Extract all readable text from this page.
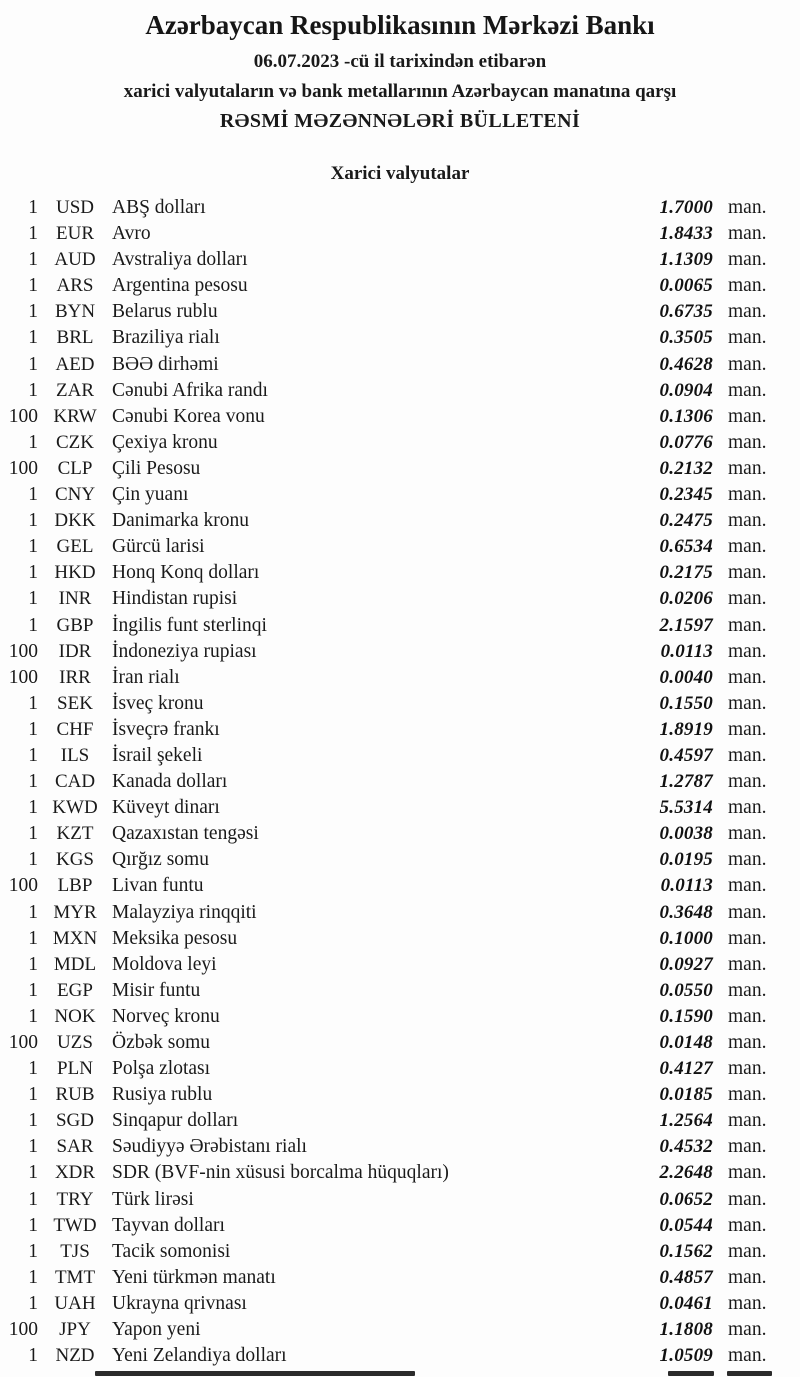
Azərbaycan Respublikasının Mərkəzi Bankı
06.07.2023 -cü il tarixindən etibarən
xarici valyutaların və bank metallarının Azərbaycan manatına qarşı
RƏSMİ MƏZƏNNƏLƏRİ BÜLLETENİ
Xarici valyutalar
1 USD ABŞ dolları	1.7000 man.
1 EUR Avro	1.8433 man.
1 AUD Avstraliya dolları	1.1309 man.
1 ARS Argentina pesosu	0.0065 man.
1 BYN Belarus rublu	0.6735 man.
1 BRL Braziliya rialı	0.3505 man.
1 AED BƏƏ dirhəmi	0.4628 man.
1 ZAR Cənubi Afrika randı	0.0904 man.
100 KRW Cənubi Korea vonu	0.1306 man.
1 CZK Çexiya kronu	0.0776 man.
100	CLP	Çili Pesosu	0.2132 man.
1 CNY Çin yuanı	0.2345 man.
1 DKK Danimarka kronu	0.2475 man.
1 GEL Gürcü larisi	0.6534 man.
1 HKD Honq Konq dolları	0.2175 man.
1	INR	Hindistan rupisi	0.0206 man.
1 GBP İngilis funt sterlinqi	2.1597 man.
100	IDR	İndoneziya rupiası	0.0113 man.
100	IRR	İran rialı	0.0040 man.
1	SEK İsveç kronu	0.1550 man.
1 CHF İsveçrə frankı	1.8919 man.
1	ILS	İsrail şekeli	0.4597 man.
1 CAD Kanada dolları	1.2787 man.
1 KWD Küveyt dinarı	5.5314 man.
1 KZT Qazaxıstan tengəsi	0.0038 man.
1 KGS Qırğız somu	0.0195 man.
100	LBP	Livan funtu	0.0113 man.
1 MYR Malayziya rinqqiti	0.3648 man.
1 MXN Meksika pesosu	0.1000 man.
1 MDL Moldova leyi	0.0927 man.
1	EGP Misir funtu	0.0550 man.
1 NOK Norveç kronu	0.1590 man.
100	UZS Özbək somu	0.0148 man.
1	PLN Polşa zlotası	0.4127 man.
1 RUB Rusiya rublu	0.0185 man.
1 SGD Sinqapur dolları	1.2564 man.
1 SAR Səudiyyə Ərəbistanı rialı	0.4532 man.
1 XDR SDR (BVF-nin xüsusi borcalma hüquqları)	2.2648 man.
1 TRY Türk lirəsi	0.0652 man.
1 TWD Tayvan dolları	0.0544 man.
1	TJS	Tacik somonisi	0.1562 man.
1 TMT Yeni türkmən manatı	0.4857 man.
1 UAH Ukrayna qrivnası	0.0461 man.
100	JPY	Yapon yeni	1.1808 man.
1 NZD Yeni Zelandiya dolları	1.0509 man.
